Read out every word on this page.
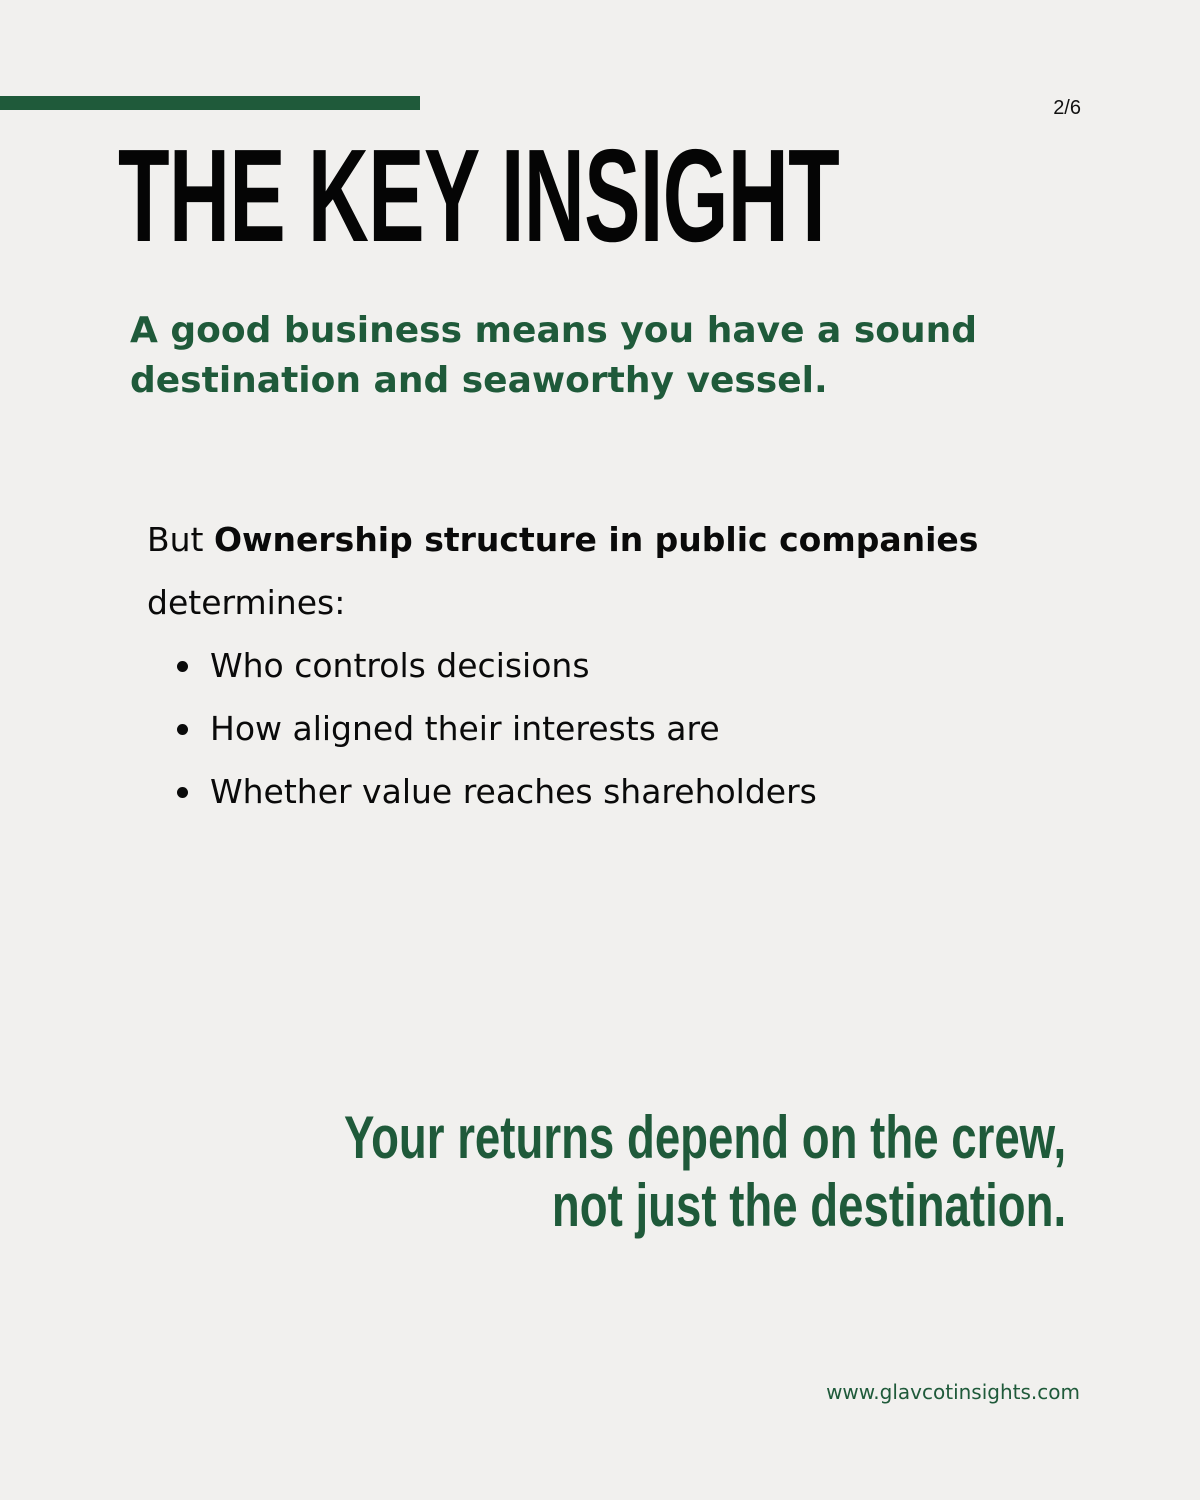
2/6
THE KEY INSIGHT

A good business means you have a sound destination and seaworthy vessel.

But Ownership structure in public companies
determines:

Who controls decisions
How aligned their interests are
Whether value reaches shareholders
Your returns depend on the crew,
not just the destination.
www.glavcotinsights.com
